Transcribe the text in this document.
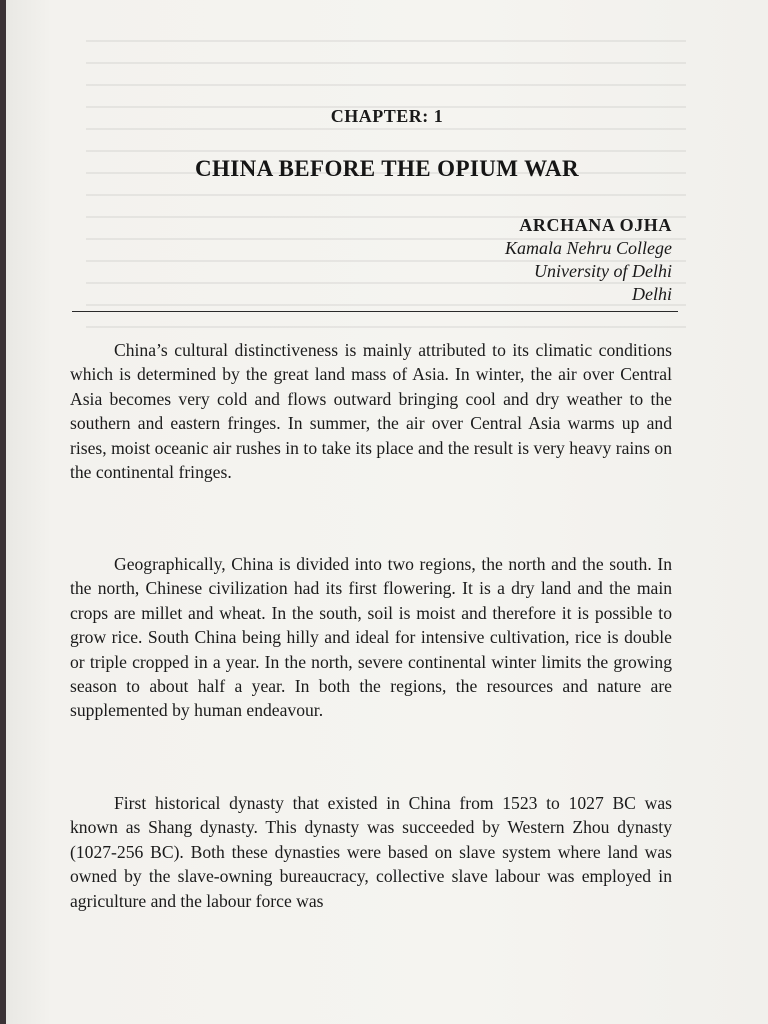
CHAPTER: 1
CHINA BEFORE THE OPIUM WAR
ARCHANA OJHA
Kamala Nehru College
University of Delhi
Delhi

China’s cultural distinctiveness is mainly attributed to its climatic conditions which is determined by the great land mass of Asia. In winter, the air over Central Asia becomes very cold and flows outward bringing cool and dry weather to the southern and eastern fringes. In summer, the air over Central Asia warms up and rises, moist oceanic air rushes in to take its place and the result is very heavy rains on the continental fringes.

Geographically, China is divided into two regions, the north and the south. In the north, Chinese civilization had its first flowering. It is a dry land and the main crops are millet and wheat. In the south, soil is moist and therefore it is possible to grow rice. South China being hilly and ideal for intensive cultivation, rice is double or triple cropped in a year. In the north, severe continental winter limits the growing season to about half a year. In both the regions, the resources and nature are supplemented by human endeavour.

First historical dynasty that existed in China from 1523 to 1027 BC was known as Shang dynasty. This dynasty was succeeded by Western Zhou dynasty (1027-256 BC). Both these dynasties were based on slave system where land was owned by the slave-owning bureaucracy, collective slave labour was employed in agriculture and the labour force was
